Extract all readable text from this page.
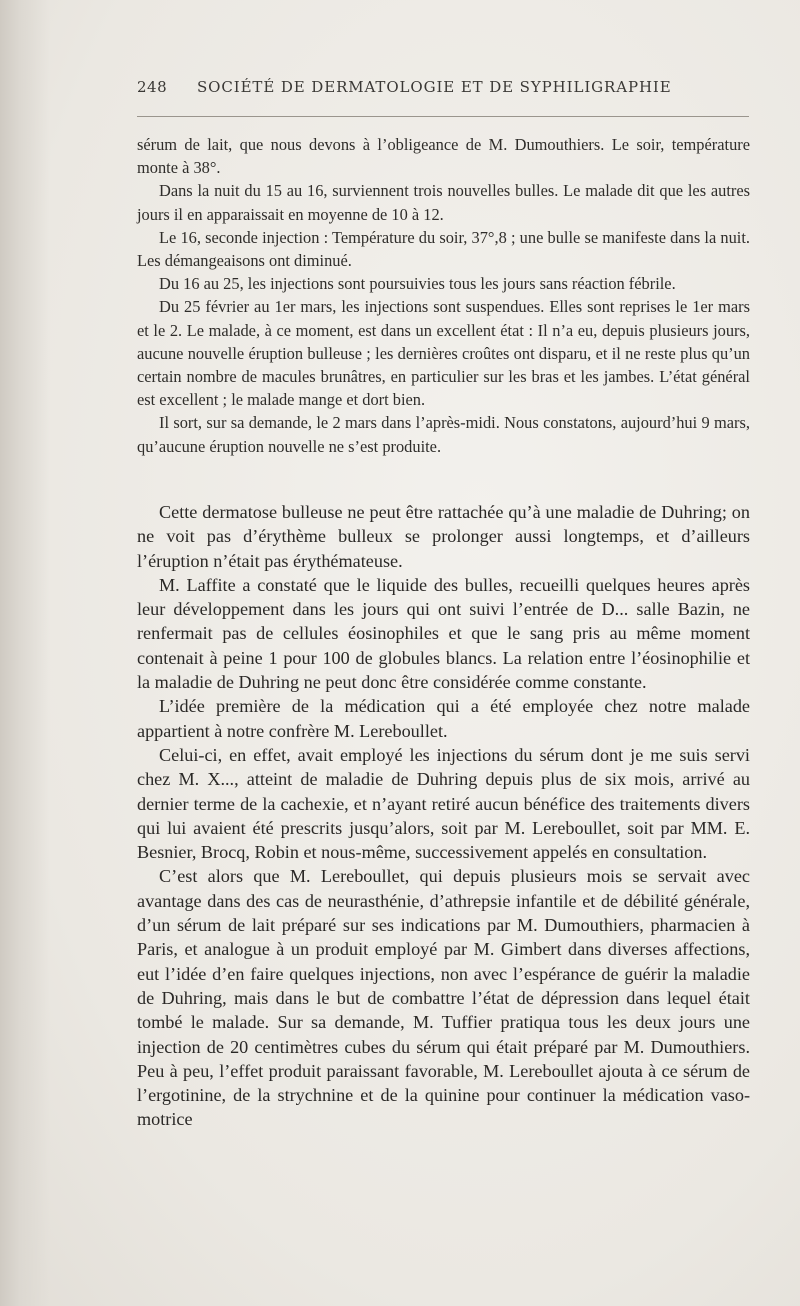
248 SOCIÉTÉ DE DERMATOLOGIE ET DE SYPHILIGRAPHIE

sérum de lait, que nous devons à l’obligeance de M. Dumouthiers. Le soir, température monte à 38°.

Dans la nuit du 15 au 16, surviennent trois nouvelles bulles. Le malade dit que les autres jours il en apparaissait en moyenne de 10 à 12.

Le 16, seconde injection : Température du soir, 37°,8 ; une bulle se manifeste dans la nuit. Les démangeaisons ont diminué.

Du 16 au 25, les injections sont poursuivies tous les jours sans réaction fébrile.

Du 25 février au 1er mars, les injections sont suspendues. Elles sont reprises le 1er mars et le 2. Le malade, à ce moment, est dans un excellent état : Il n’a eu, depuis plusieurs jours, aucune nouvelle éruption bulleuse ; les dernières croûtes ont disparu, et il ne reste plus qu’un certain nombre de macules brunâtres, en particulier sur les bras et les jambes. L’état général est excellent ; le malade mange et dort bien.

Il sort, sur sa demande, le 2 mars dans l’après-midi. Nous constatons, aujourd’hui 9 mars, qu’aucune éruption nouvelle ne s’est produite.

Cette dermatose bulleuse ne peut être rattachée qu’à une maladie de Duhring; on ne voit pas d’érythème bulleux se prolonger aussi longtemps, et d’ailleurs l’éruption n’était pas érythémateuse.

M. Laffite a constaté que le liquide des bulles, recueilli quelques heures après leur développement dans les jours qui ont suivi l’entrée de D... salle Bazin, ne renfermait pas de cellules éosinophiles et que le sang pris au même moment contenait à peine 1 pour 100 de globules blancs. La relation entre l’éosinophilie et la maladie de Duhring ne peut donc être considérée comme constante.

L’idée première de la médication qui a été employée chez notre malade appartient à notre confrère M. Lereboullet.

Celui-ci, en effet, avait employé les injections du sérum dont je me suis servi chez M. X..., atteint de maladie de Duhring depuis plus de six mois, arrivé au dernier terme de la cachexie, et n’ayant retiré aucun bénéfice des traitements divers qui lui avaient été prescrits jusqu’alors, soit par M. Lereboullet, soit par MM. E. Besnier, Brocq, Robin et nous-même, successivement appelés en consultation.

C’est alors que M. Lereboullet, qui depuis plusieurs mois se servait avec avantage dans des cas de neurasthénie, d’athrepsie infantile et de débilité générale, d’un sérum de lait préparé sur ses indications par M. Dumouthiers, pharmacien à Paris, et analogue à un produit employé par M. Gimbert dans diverses affections, eut l’idée d’en faire quelques injections, non avec l’espérance de guérir la maladie de Duhring, mais dans le but de combattre l’état de dépression dans lequel était tombé le malade. Sur sa demande, M. Tuffier pratiqua tous les deux jours une injection de 20 centimètres cubes du sérum qui était préparé par M. Dumouthiers. Peu à peu, l’effet produit paraissant favorable, M. Lereboullet ajouta à ce sérum de l’ergotinine, de la strychnine et de la quinine pour continuer la médication vaso-motrice
